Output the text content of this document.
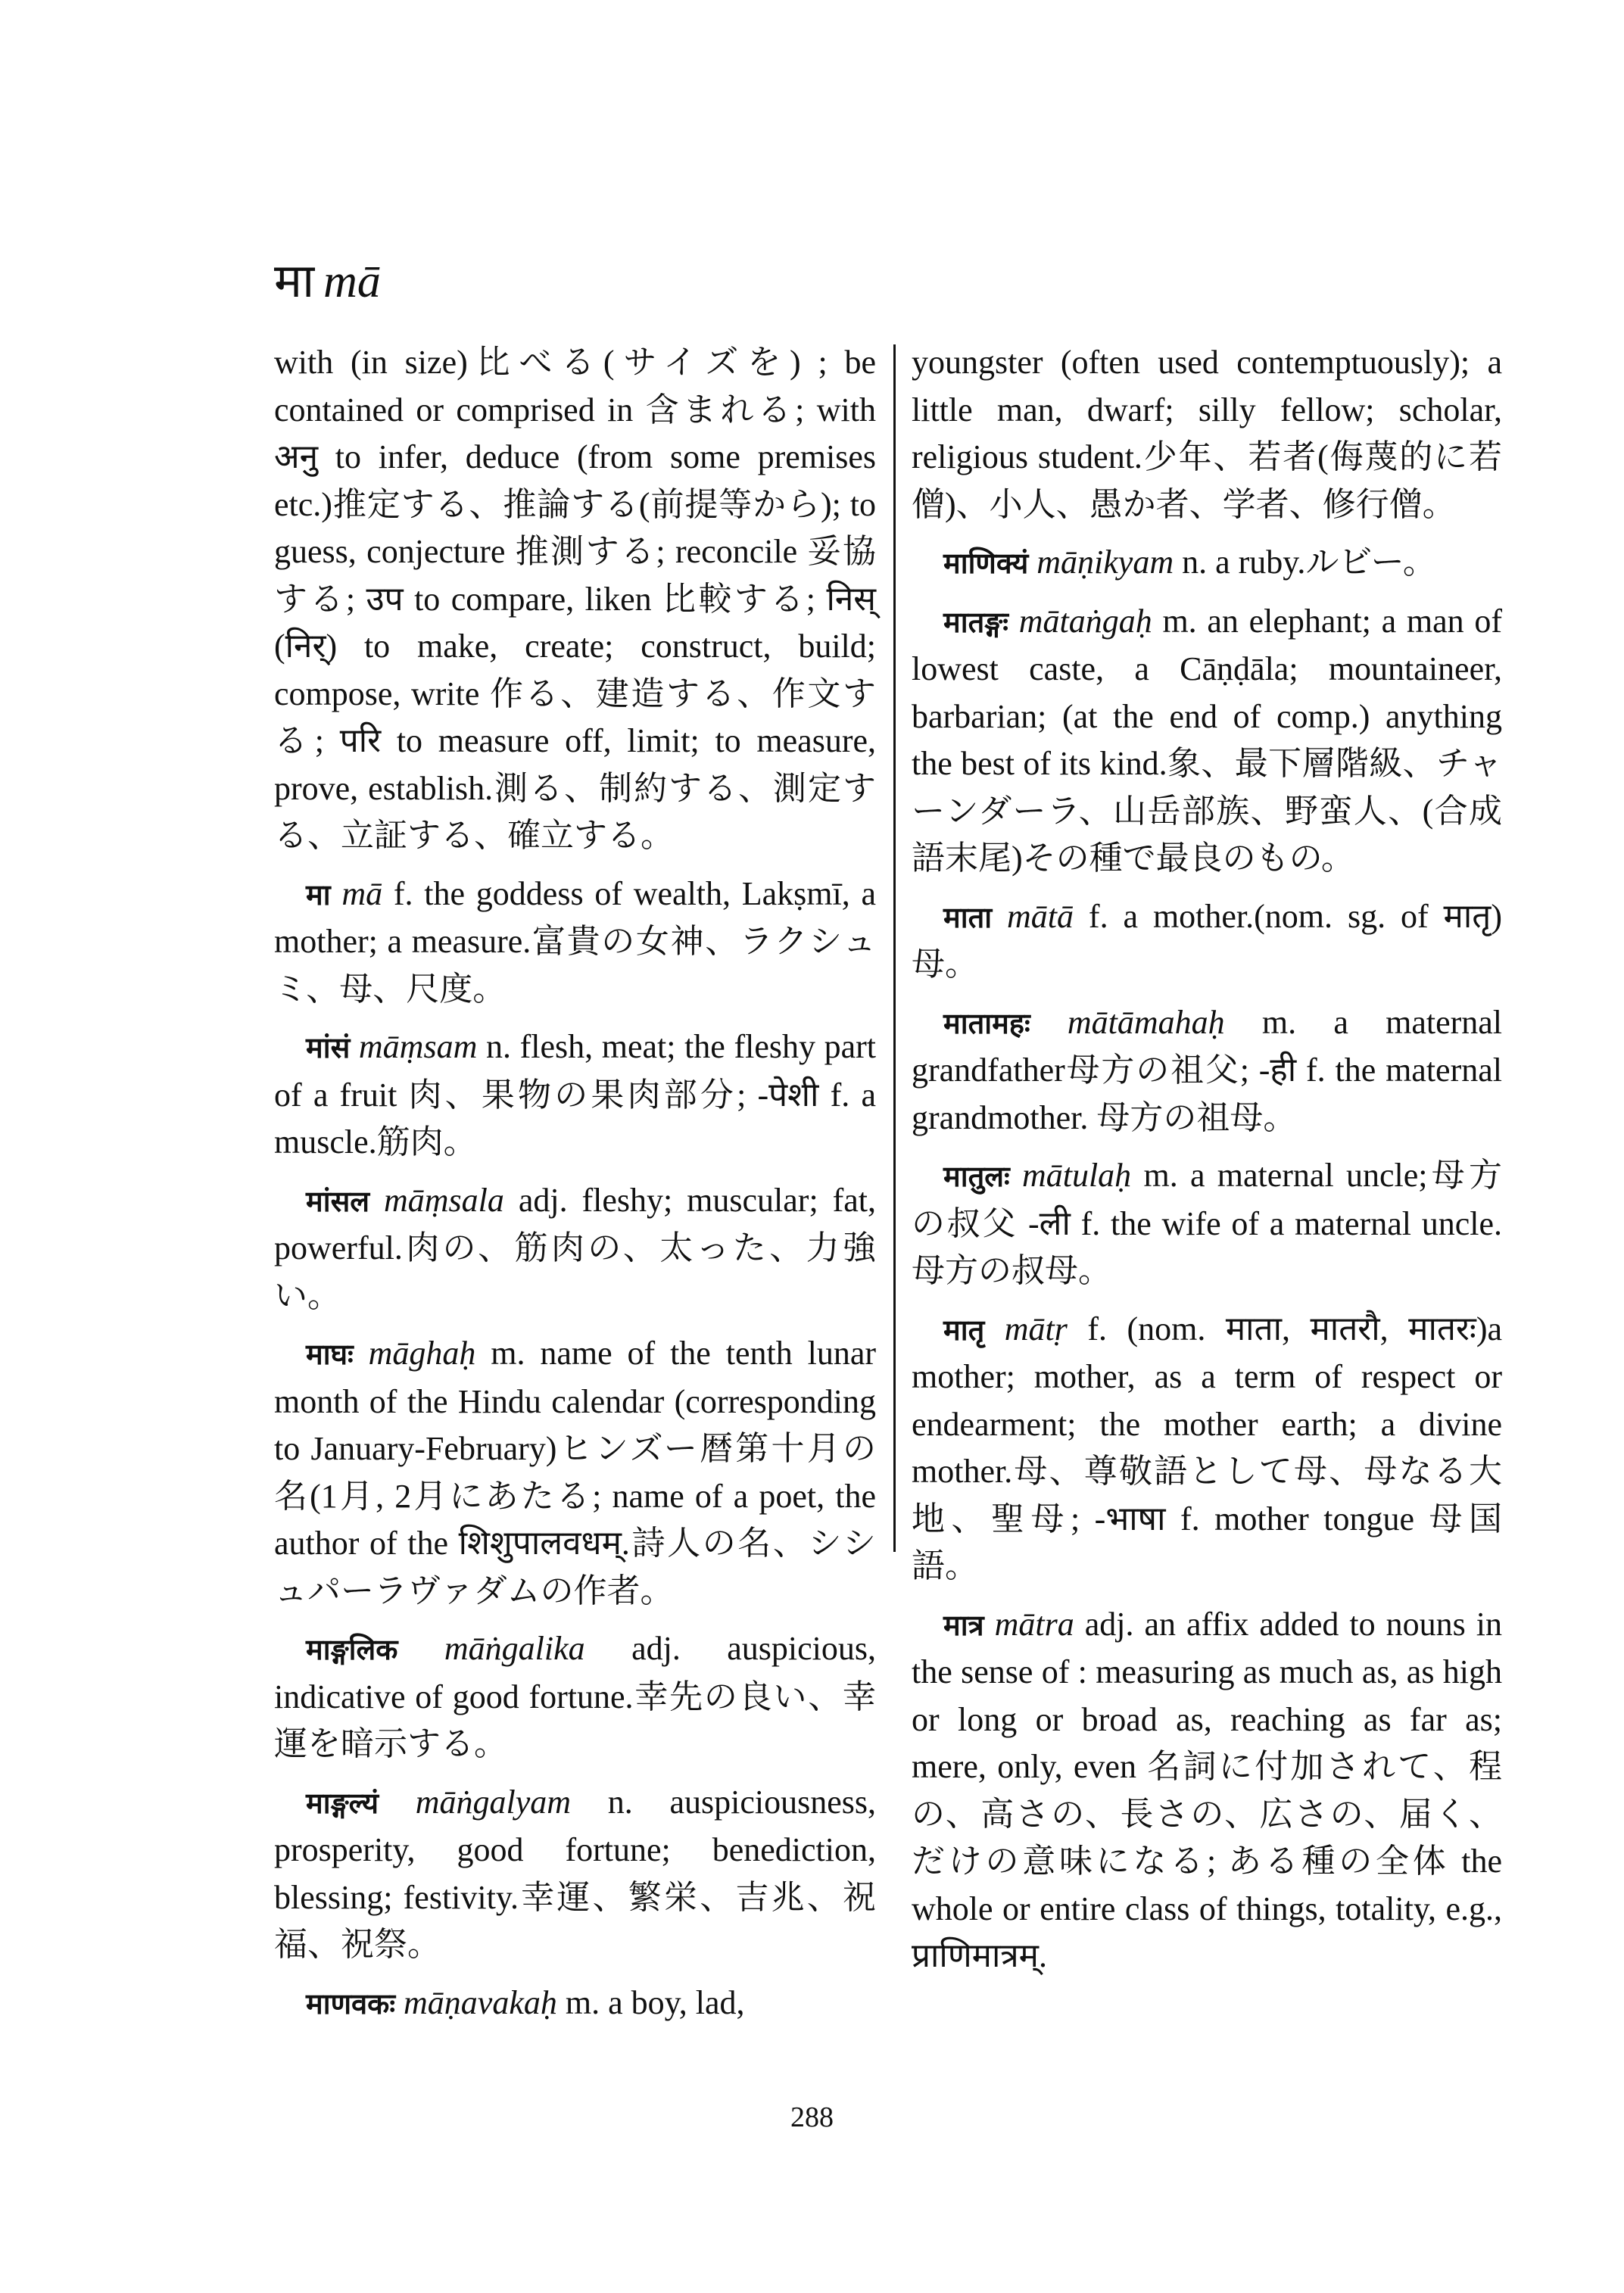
मा mā

with (in size)比べる(サイズを) ; be contained or comprised in 含まれる; with अनु to infer, deduce (from some premises etc.)推定する、推論する(前提等から); to guess, conjecture 推測する; reconcile 妥協する; उप to compare, liken 比較する; निस् (निर्) to make, create; construct, build; compose, write 作る、建造する、作文する; परि to measure off, limit; to measure, prove, establish.測る、制約する、測定する、立証する、確立する。

मा mā f. the goddess of wealth, Lakṣmī, a mother; a measure.富貴の女神、ラクシュミ、母、尺度。

मांसं māṃsam n. flesh, meat; the fleshy part of a fruit 肉、果物の果肉部分; -पेशी f. a muscle.筋肉。

मांसल māṃsala adj. fleshy; muscular; fat, powerful.肉の、筋肉の、太った、力強い。

माघः māghaḥ m. name of the tenth lunar month of the Hindu calendar (corresponding to January-February)ヒンズー暦第十月の名(1月, 2月にあたる; name of a poet, the author of the शिशुपालवधम्.詩人の名、シシュパーラヴァダムの作者。

माङ्गलिक māṅgalika adj. auspicious, indicative of good fortune.幸先の良い、幸運を暗示する。

माङ्गल्यं māṅgalyam n. auspiciousness, prosperity, good fortune; benediction, blessing; festivity.幸運、繁栄、吉兆、祝福、祝祭。

माणवकः māṇavakaḥ m. a boy, lad,

youngster (often used contemptuously); a little man, dwarf; silly fellow; scholar, religious student.少年、若者(侮蔑的に若僧)、小人、愚か者、学者、修行僧。

माणिक्यं māṇikyam n. a ruby.ルビー。

मातङ्गः mātaṅgaḥ m. an elephant; a man of lowest caste, a Cāṇḍāla; mountaineer, barbarian; (at the end of comp.) anything the best of its kind.象、最下層階級、チャーンダーラ、山岳部族、野蛮人、(合成語末尾)その種で最良のもの。

माता mātā f. a mother.(nom. sg. of मातृ)母。

मातामहः mātāmahaḥ m. a maternal grandfather母方の祖父; -ही f. the maternal grandmother. 母方の祖母。

मातुलः mātulaḥ m. a maternal uncle;母方の叔父 -ली f. the wife of a maternal uncle.母方の叔母。

मातृ mātṛ f. (nom. माता, मातरौ, मातरः)a mother; mother, as a term of respect or endearment; the mother earth; a divine mother.母、尊敬語として母、母なる大地、聖母; -भाषा f. mother tongue 母国語。

मात्र mātra adj. an affix added to nouns in the sense of : measuring as much as, as high or long or broad as, reaching as far as; mere, only, even 名詞に付加されて、程の、高さの、長さの、広さの、届く、だけの意味になる; ある種の全体 the whole or entire class of things, totality, e.g., प्राणिमात्रम्.

288
